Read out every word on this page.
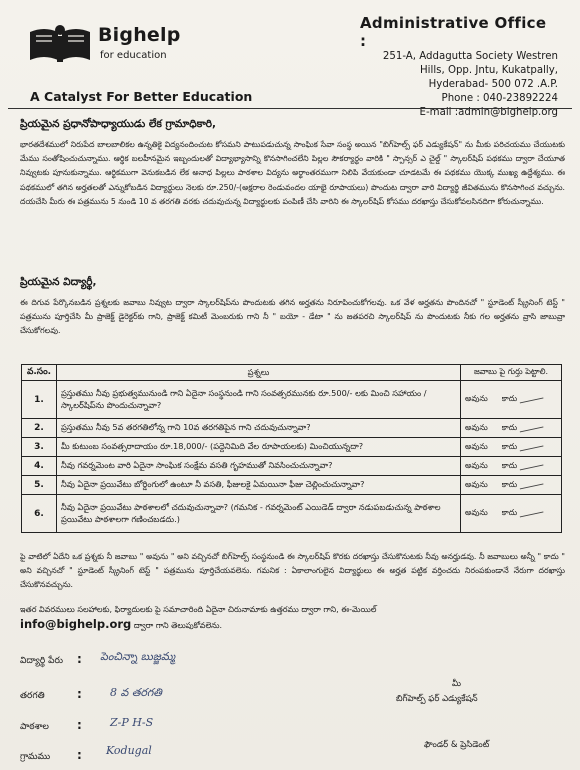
Bighelp
for education
A Catalyst For Better Education
Administrative Office :
251-A, Addagutta Society Westren
Hills, Opp. Jntu, Kukatpally,
Hyderabad- 500 072 .A.P.
Phone : 040-23892224
E-mail :admin@bighelp.org
ప్రియమైన ప్రధానోపాధ్యాయుడు లేక గ్రామాధికారి,
భారతదేశములో నిరుపేద బాలబాలికల ఉన్నతికై విద్యనందించుట కోసమని పాటుపడుచున్న సాంఘిక సేవా సంస్థ అయిన "బిగ్‌హెల్ప్ ఫర్ ఎడ్యుకేషన్" ను మీకు పరిచయము చేయుటకు మేము సంతోషించుచున్నాము. ఆర్థిక బలహీనమైన ఇబ్బందులతో విద్యాభ్యాసాన్ని కొనసాగించలేని పిల్లల సౌకర్యార్థం వారికి " స్పాన్సర్ ఎ చైల్డ్ " స్కాలర్‌షిప్ పథకము ద్వారా చేయూత నివ్వుటకు పూనుకున్నాము. ఆర్థికముగా వెనుకబడిన లేక అనాధ పిల్లలు పాఠశాల విద్యను అర్థాంతరముగా నిలిపి వేయకుండా చూడటమే ఈ పథకము యొక్క ముఖ్య ఉద్దేశ్యము. ఈ పథకములో తగిన అర్హతలతో ఎన్నుకోబడిన విద్యార్థులు నెలకు రూ.250/-(అక్షరాల రెండువందల యాభై రూపాయలు) పొందుట ద్వారా వారి విద్యార్థి జీవితమును కొనసాగించ వచ్చును. దయచేసి మీరు ఈ పత్రమును 5 నుండి 10 వ తరగతి వరకు చదువుచున్న విద్యార్థులకు పంపిణీ చేసి వారిని ఈ స్కాలర్‌షిప్ కోసము దరఖాస్తు చేసుకోవలసినదిగా కోరుచున్నాము.
ప్రియమైన విద్యార్థీ,
ఈ దిగువ పేర్కొనబడిన ప్రశ్నలకు జవాబు నివ్వుట ద్వారా స్కాలర్‌షిప్‌ను పొందుటకు తగిన అర్హతను నిరూపించుకోగలవు. ఒక వేళ అర్హతను పొందినచో " స్టూడెంట్ స్క్రీనింగ్ టెస్ట్ " పత్రమును పూర్తిచేసి మీ ప్రాజెక్ట్ డైరెక్టర్‌కు గాని, ప్రాజెక్ట్ కమిటీ మెంబరుకు గాని నీ " బయో - డేటా " ను జతపరచి స్కాలర్‌షిప్ ను పొందుటకు నీకు గల అర్హతను వ్రాసి జాబువ్రా చేసుకోగలవు.
వ.సం.	ప్రశ్నలు	జవాబు పై గుర్తు పెట్టాలి.
1.	ప్రస్తుతము నీవు ప్రభుత్వమునుండి గాని ఏదైనా సంస్థనుండి గాని సంవత్సరమునకు రూ.500/- లకు మించి సహాయం / స్కాలర్‌షిప్‌ను పొందుచున్నావా?	అవును కాదు
2.	ప్రస్తుతము నీవు 5వ తరగతిలోన్న గాని 10వ తరగతిపైన గాని చదువుచున్నావా?	అవును కాదు
3.	మీ కుటుంబ సంవత్సరాదాయం రూ.18,000/- (పద్దెనిమిది వేల రూపాయలకు) మించియున్నదా?	అవును కాదు
4.	నీవు గవర్నమెంట వారి ఏదైనా సాంఘిక సంక్షేమ వసతి గృహముతో నివసించుచున్నావా?	అవును కాదు
5.	నీవు ఏదైనా ప్రయివేటు బోర్డింగులో ఉంటూ నీ వసతి, ఫీజులకై ఏమయినా ఫీజు చెల్లించుచున్నావా?	అవును కాదు
6.	నీవు ఏదైనా ప్రయివేటు పాఠశాలలో చదువుచున్నావా? (గమనిక - గవర్నమెంట్ ఎయిడెడ్ ద్వారా నడుపబడుచున్న పాఠశాల ప్రయివేటు పాఠశాలగా గణించబడదు.)	అవును కాదు
పై వాటిలో ఏదేని ఒక ప్రశ్నకు నీ జవాబు " అవును " అని వచ్చినచో బిగ్‌హెల్ప్ సంస్థనుండి ఈ స్కాలర్‌షిప్ కొరకు దరఖాస్తు చేసుకొనుటకు నీవు అనర్హుడవు. నీ జవాబులు అన్నీ " కాదు " అని వచ్చినచో " స్టూడెంట్ స్క్రీనింగ్ టెస్ట్ " పత్రమును పూర్తిచేయవలెను. గమనిక : ఏకాలాంగులైన విద్యార్థులు ఈ అర్హత పట్టిక వర్తించదు నిరంపకుండానే నేరుగా దరఖాస్తు చేసుకొనవచ్చును.
ఇతర వివరములు సలహాలకు, ఫిర్యాదులకు పై సమాచారింది ఏదైనా చిరునామాకు ఉత్తరము ద్వారా గాని, ఈ-మెయిల్
info@bighelp.org ద్వారా గాని తెలుపుకోవలెను.
మీ
బిగ్‌హెల్ప్ ఫర్ ఎడ్యుకేషన్
ఫౌండర్ & ప్రెసిడెంట్
విద్యార్థి పేరు : పెంచిన్నా బుజ్జమ్మ
తరగతి	:	8 వ తరగతి
పాఠశాల :	Z-P H-S
గ్రామము : Kodugal
